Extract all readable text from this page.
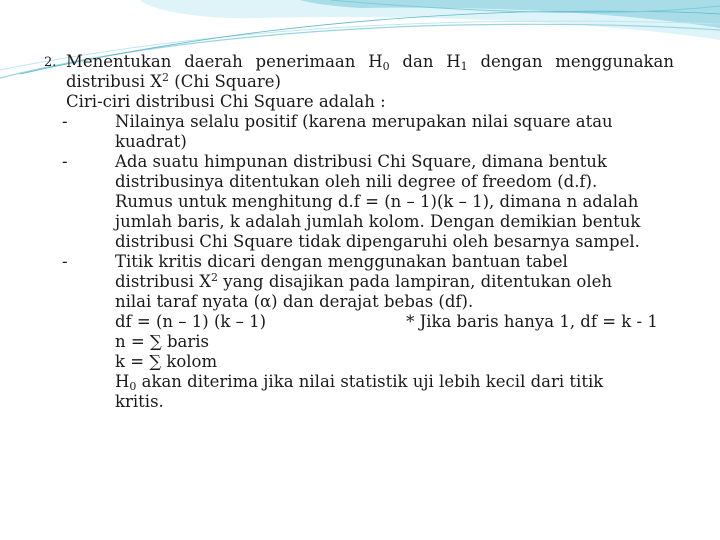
2. Menentukan daerah penerimaan $H_0$ dan $H_1$ dengan menggunakan
distribusi $X^2$ (Chi Square)
Ciri-ciri distribusi Chi Square adalah :
-	Nilainya selalu positif (karena merupakan nilai square atau
kuadrat)
-	Ada suatu himpunan distribusi Chi Square, dimana bentuk
distribusinya ditentukan oleh nili degree of freedom (d.f).
Rumus untuk menghitung d.f = (n – 1)(k – 1), dimana n adalah
jumlah baris, k adalah jumlah kolom. Dengan demikian bentuk
distribusi Chi Square tidak dipengaruhi oleh besarnya sampel.
-	Titik kritis dicari dengan menggunakan bantuan tabel
distribusi $X^2$ yang disajikan pada lampiran, ditentukan oleh
nilai taraf nyata (α) dan derajat bebas (df).
df = (n – 1) (k – 1)	* Jika baris hanya 1, df = k - 1
n = ∑ baris
k = ∑ kolom
$H_0$ akan diterima jika nilai statistik uji lebih kecil dari titik
kritis.
